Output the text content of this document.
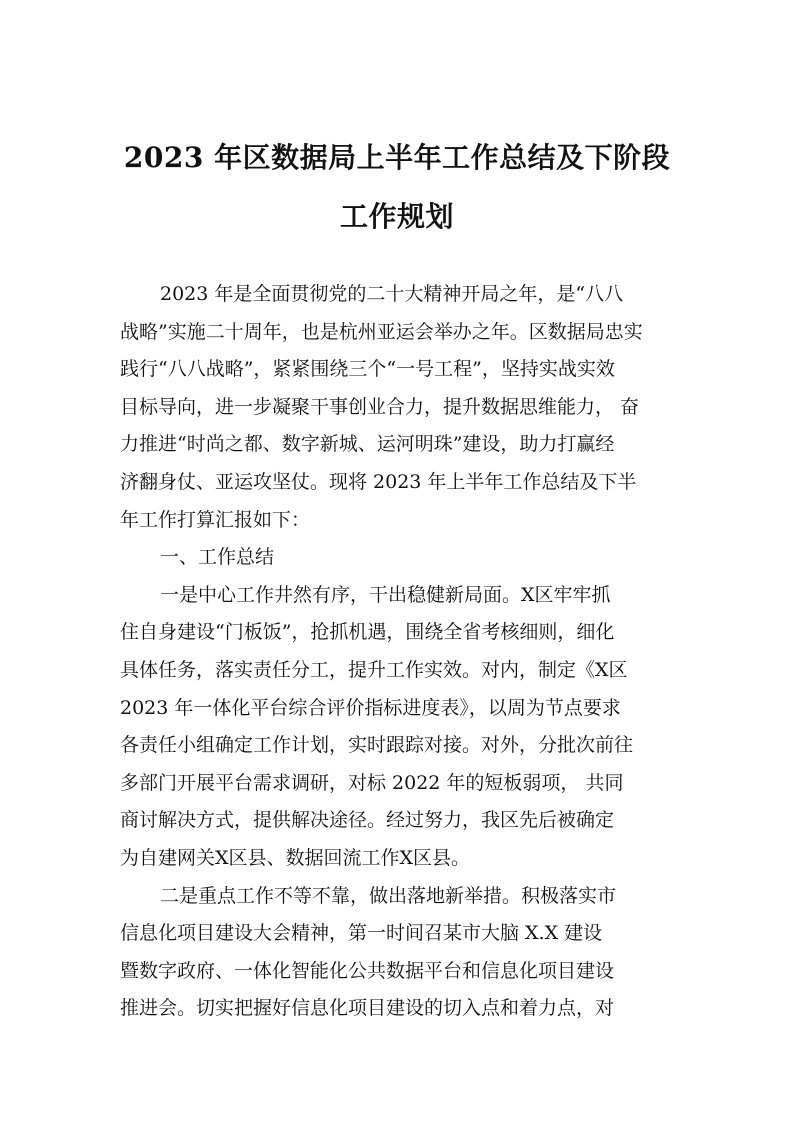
2023 年区数据局上半年工作总结及下阶段
工作规划
2023 年是全面贯彻党的二十大精神开局之年，是“八八
战略”实施二十周年，也是杭州亚运会举办之年。区数据局忠实
践行“八八战略”，紧紧围绕三个“一号工程”，坚持实战实效
目标导向，进一步凝聚干事创业合力，提升数据思维能力， 奋
力推进“时尚之都、数字新城、运河明珠”建设，助力打赢经
济翻身仗、亚运攻坚仗。现将 2023 年上半年工作总结及下半
年工作打算汇报如下：
一、工作总结
一是中心工作井然有序，干出稳健新局面。X区牢牢抓
住自身建设“门板饭”，抢抓机遇，围绕全省考核细则，细化
具体任务，落实责任分工，提升工作实效。对内，制定《X区
2023 年一体化平台综合评价指标进度表》，以周为节点要求
各责任小组确定工作计划，实时跟踪对接。对外，分批次前往
多部门开展平台需求调研，对标 2022 年的短板弱项， 共同
商讨解决方式，提供解决途径。经过努力，我区先后被确定
为自建网关X区县、数据回流工作X区县。
二是重点工作不等不靠，做出落地新举措。积极落实市
信息化项目建设大会精神，第一时间召某市大脑 X.X 建设
暨数字政府、一体化智能化公共数据平台和信息化项目建设
推进会。切实把握好信息化项目建设的切入点和着力点，对
